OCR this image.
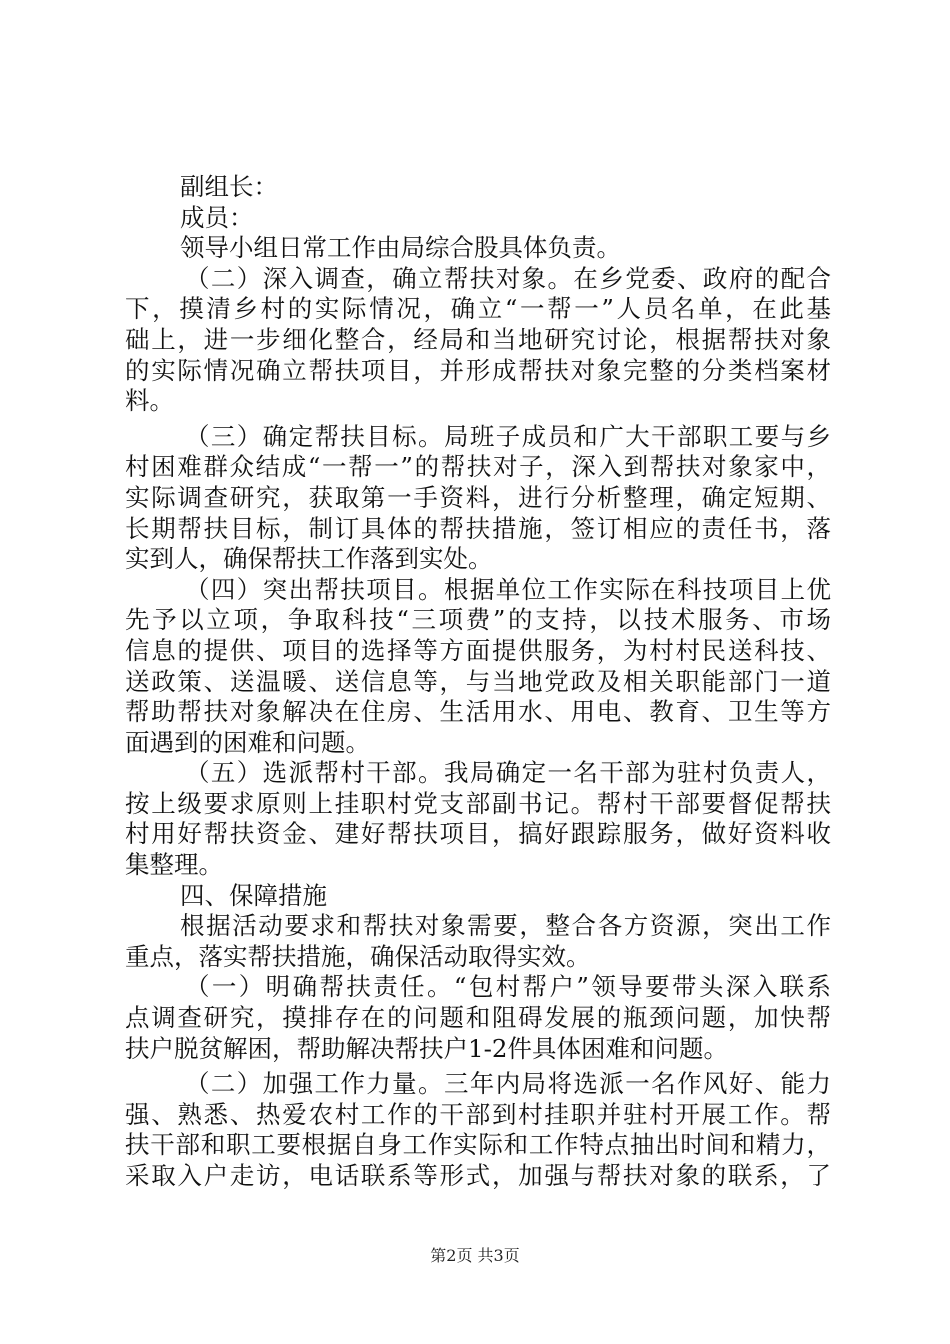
副组长：
成员：
领导小组日常工作由局综合股具体负责。
（二）深入调查，确立帮扶对象。在乡党委、政府的配合
下，摸清乡村的实际情况，确立“一帮一”人员名单，在此基
础上，进一步细化整合，经局和当地研究讨论，根据帮扶对象
的实际情况确立帮扶项目，并形成帮扶对象完整的分类档案材
料。
（三）确定帮扶目标。局班子成员和广大干部职工要与乡
村困难群众结成“一帮一”的帮扶对子，深入到帮扶对象家中，
实际调查研究，获取第一手资料，进行分析整理，确定短期、
长期帮扶目标，制订具体的帮扶措施，签订相应的责任书，落
实到人，确保帮扶工作落到实处。
（四）突出帮扶项目。根据单位工作实际在科技项目上优
先予以立项，争取科技“三项费”的支持，以技术服务、市场
信息的提供、项目的选择等方面提供服务，为村村民送科技、
送政策、送温暖、送信息等，与当地党政及相关职能部门一道
帮助帮扶对象解决在住房、生活用水、用电、教育、卫生等方
面遇到的困难和问题。
（五）选派帮村干部。我局确定一名干部为驻村负责人，
按上级要求原则上挂职村党支部副书记。帮村干部要督促帮扶
村用好帮扶资金、建好帮扶项目，搞好跟踪服务，做好资料收
集整理。
四、保障措施
根据活动要求和帮扶对象需要，整合各方资源，突出工作
重点，落实帮扶措施，确保活动取得实效。
（一）明确帮扶责任。“包村帮户”领导要带头深入联系
点调查研究，摸排存在的问题和阻碍发展的瓶颈问题，加快帮
扶户脱贫解困，帮助解决帮扶户1-2件具体困难和问题。
（二）加强工作力量。三年内局将选派一名作风好、能力
强、熟悉、热爱农村工作的干部到村挂职并驻村开展工作。帮
扶干部和职工要根据自身工作实际和工作特点抽出时间和精力，
采取入户走访，电话联系等形式，加强与帮扶对象的联系，了
第2页 共3页
